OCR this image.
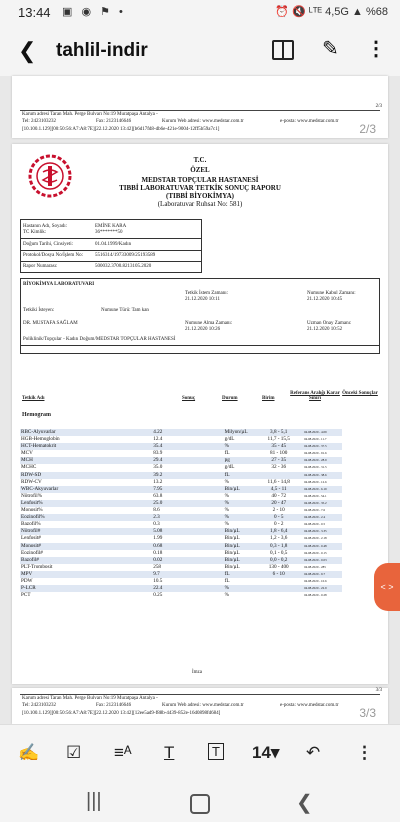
13:44 ▣ ◉ ⚑ •	⏰ 🔇 ᴸᵀᴱ 4,5G ▲ %68
❮ tahlil-indir	✎ ⋮
2/3
Karum adresi Taran Mah. Perge Bulvarı No:19 Muratpaşa Antalya -
Tel: 2423103232	Fax: 2123146646	Kurum Web adresi: www.medstar.com.tr	e-posta: www.medstar.com.tr
[10.100.1.129][00:50:56:A7:A8:7E][22.12.2020 13:42][b6d17fd8-db6e-421e-9004-12ff5b59a7c1]	2/3
T.C.
ÖZEL
MEDSTAR TOPÇULAR HASTANESİ
TIBBİ LABORATUVAR TETKİK SONUÇ RAPORU
(TIBBİ BİYOKİMYA)
(Laboratuvar Ruhsat No: 581)
Hastanın Adı, Soyadı:	EMİNE KARA
TC Kimlik:	36*******50
Doğum Tarihi, Cinsiyeti:	01.04.1999/Kadın
Protokol/Dosya No/İşlem No: 5516314/19733009/25193589
Rapor Numarası:	500032.3700.8213105.2020
BİYOKİMYA LABORATUVARI
Tetkik İstem Zamanı:
21.12.2020 10:11
Numune Kabul Zamanı:
21.12.2020 10:45
Tetkiki İsteyen:	Numune Türü: Tam kan
DR. MUSTAFA SAĞLAM	Numune Alma Zamanı:
21.12.2020 10:26
Uzman Onay Zamanı:
21.12.2020 10:52
Poliklinik/Topçular - Kadın Doğum/MEDSTAR TOPÇULAR HASTANESİ
Tetkik Adı	Sonuç	Durum	Birim
Referans Aralığı Karar Sınırı
Önceki Sonuçlar
Hemogram
RBC-Alyuvarlar	4.22		Milyon/µL	3,8 - 5,1	04.08.2020 - 4.09
HGB-Hemoglobin	12.4		g/dL	11,7 - 15,5	04.08.2020 - 11.7
HCT-Hematokrit	35.4		%	35 - 45	04.08.2020 - 37.5
MCV	83.9		fL	81 - 100	04.08.2020 - 91.6
MCH	29.4		pg	27 - 35	04.08.2020 - 28.9
MCHC	35.0		g/dL	32 - 36	04.08.2020 - 31.5
RDW-SD	39.2		fL		04.08.2020 - 38.6
RDW-CV	13.2		%	11,6 - 14,8	04.08.2020 - 12.6
WBC-Akyuvarlar	7.95		Bin/µL	4,5 - 11	04.08.2020 - 6.19
Nötrofil%	63.8		%	40 - 72	04.08.2020 - 54.1
Lenfosit%	25.0		%	20 - 47	04.08.2020 - 35.2
Monosit%	8.6		%	2 - 10	04.08.2020 - 7.6
Eozinofil%	2.3		%	0 - 5	04.08.2020 - 2.4
Bazofil%	0.3		%	0 - 2	04.08.2020 - 0.5
Nötrofil#	5.08		Bin/µL	1,8 - 6,4	04.08.2020 - 3.35
Lenfosit#	1.99		Bin/µL	1,2 - 3,6	04.08.2020 - 2.18
Monosit#	0.68		Bin/µL	0,3 - 1,8	04.08.2020 - 0.48
Eozinofil#	0.18		Bin/µL	0,1 - 0,5	04.08.2020 - 0.15
Bazofil#	0.02		Bin/µL	0,0 - 0,2	04.08.2020 - 0.03
PLT-Trombosit	258		Bin/µL	130 - 400	04.08.2020 - 285
MPV	9.7		fL	6 - 10	04.08.2020 - 9.7
PDW	10.5		fL		04.08.2020 - 10.6
P-LCR	22.4		%		04.08.2020 - 22.9
PCT	0.25		%		04.08.2020 - 0.28
İmza
3/3
Karum adresi Taran Mah. Perge Bulvarı No:19 Muratpaşa Antalya -
Tel: 2423103232	Fax: 2123146646	Kurum Web adresi: www.medstar.com.tr	e-posta: www.medstar.com.tr
[10.100.1.129][00:50:56:A7:A8:7E][22.12.2020 13:42][12ee5ad9-f88b-4439-852e-16d0898fd684]	3/3
< >
✍ ☑ ≡ᴬ T	T 14▾ ↶ ⋮
|||	❮
